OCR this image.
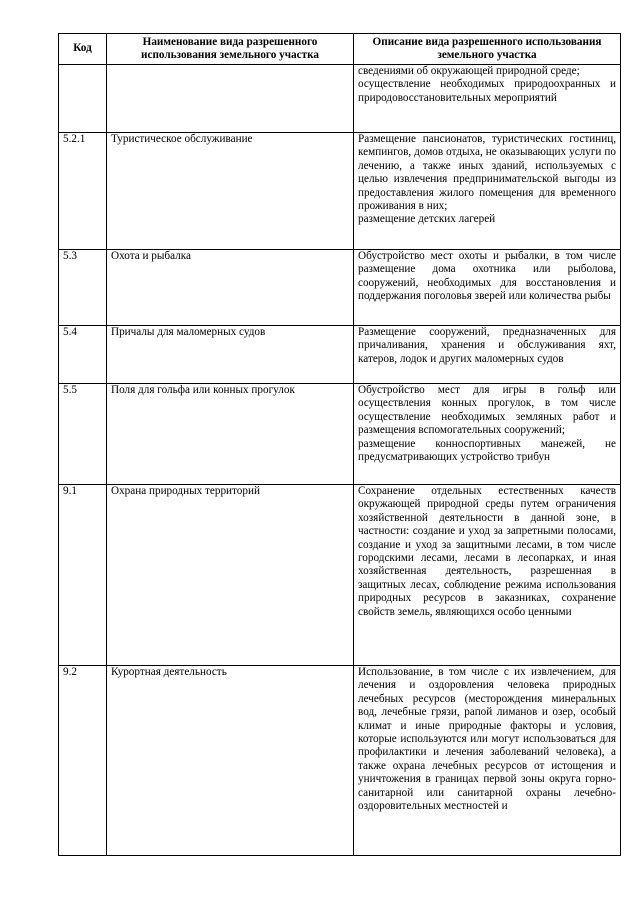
Код	Наименование вида разрешенного использования земельного участка	Описание вида разрешенного использования земельного участка

		сведениями об окружающей природной среде;
осуществление необходимых природоохранных и природовосстановительных мероприятий

5.2.1	Туристическое обслуживание	Размещение пансионатов, туристических гостиниц, кемпингов, домов отдыха, не оказывающих услуги по лечению, а также иных зданий, используемых с целью извлечения предпринимательской выгоды из предоставления жилого помещения для временного проживания в них;
размещение детских лагерей

5.3	Охота и рыбалка	Обустройство мест охоты и рыбалки, в том числе размещение дома охотника или рыболова, сооружений, необходимых для восстановления и поддержания поголовья зверей или количества рыбы

5.4	Причалы для маломерных судов	Размещение сооружений, предназначенных для причаливания, хранения и обслуживания яхт, катеров, лодок и других маломерных судов

5.5	Поля для гольфа или конных прогулок	Обустройство мест для игры в гольф или осуществления конных прогулок, в том числе осуществление необходимых земляных работ и размещения вспомогательных сооружений;
размещение конноспортивных манежей, не предусматривающих устройство трибун

9.1	Охрана природных территорий	Сохранение отдельных естественных качеств окружающей природной среды путем ограничения хозяйственной деятельности в данной зоне, в частности: создание и уход за запретными полосами, создание и уход за защитными лесами, в том числе городскими лесами, лесами в лесопарках, и иная хозяйственная деятельность, разрешенная в защитных лесах, соблюдение режима использования природных ресурсов в заказниках, сохранение свойств земель, являющихся особо ценными

9.2	Курортная деятельность	Использование, в том числе с их извлечением, для лечения и оздоровления человека природных лечебных ресурсов (месторождения минеральных вод, лечебные грязи, рапой лиманов и озер, особый климат и иные природные факторы и условия, которые используются или могут использоваться для профилактики и лечения заболеваний человека), а также охрана лечебных ресурсов от истощения и уничтожения в границах первой зоны округа горно-санитарной или санитарной охраны лечебно-оздоровительных местностей и
